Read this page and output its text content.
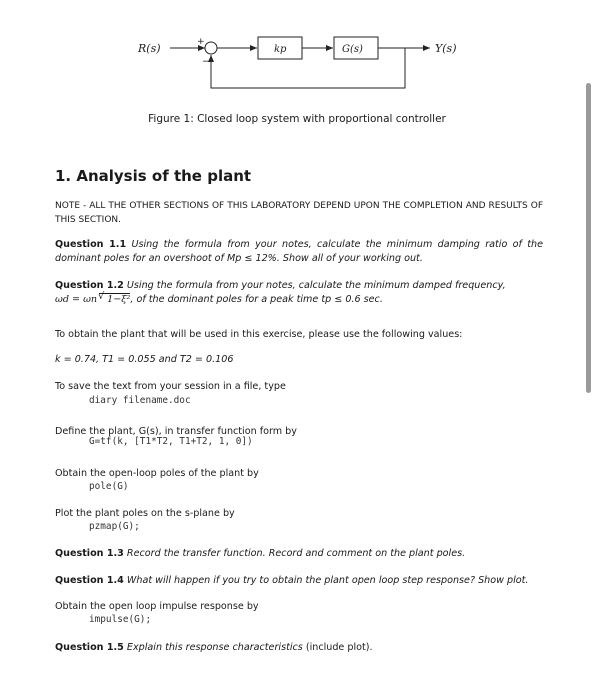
R(s)	+
−
kp	G(s)	Y(s)
Figure 1: Closed loop system with proportional controller
1. Analysis of the plant
NOTE - ALL THE OTHER SECTIONS OF THIS LABORATORY DEPEND UPON THE COMPLETION AND RESULTS OF THIS SECTION.
Question 1.1 Using the formula from your notes, calculate the minimum damping ratio of the dominant poles for an overshoot of Mp ≤ 12%. Show all of your working out.
Question 1.2 Using the formula from your notes, calculate the minimum damped frequency,
ωd = ωn√ 1−ξ², of the dominant poles for a peak time tp ≤ 0.6 sec.
To obtain the plant that will be used in this exercise, please use the following values:
k = 0.74, T1 = 0.055 and T2 = 0.106
To save the text from your session in a file, type
diary filename.doc
Define the plant, G(s), in transfer function form by
G=tf(k, [T1*T2, T1+T2, 1, 0])
Obtain the open-loop poles of the plant by
pole(G)
Plot the plant poles on the s-plane by
pzmap(G);
Question 1.3 Record the transfer function. Record and comment on the plant poles.
Question 1.4 What will happen if you try to obtain the plant open loop step response? Show plot.
Obtain the open loop impulse response by
impulse(G);
Question 1.5 Explain this response characteristics (include plot).
